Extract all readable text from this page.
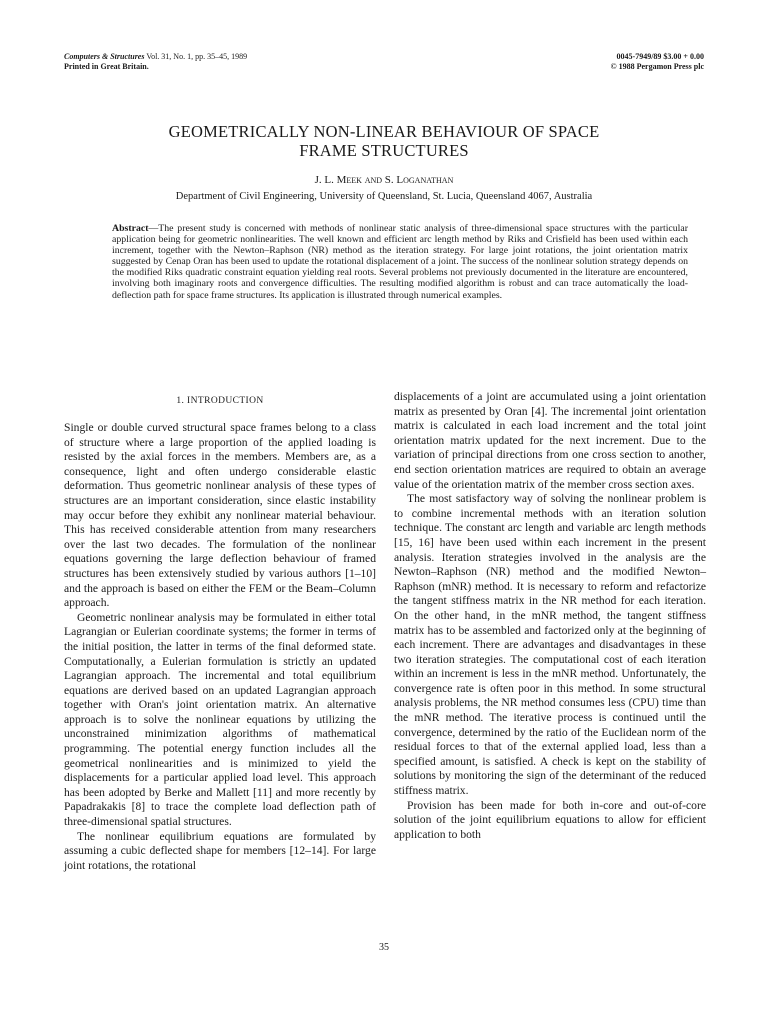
Computers & Structures Vol. 31, No. 1, pp. 35–45, 1989
Printed in Great Britain.
0045-7949/89 $3.00 + 0.00
© 1988 Pergamon Press plc
GEOMETRICALLY NON-LINEAR BEHAVIOUR OF SPACE
FRAME STRUCTURES
J. L. Meek and S. Loganathan
Department of Civil Engineering, University of Queensland, St. Lucia, Queensland 4067, Australia

Abstract—The present study is concerned with methods of nonlinear static analysis of three-dimensional space structures with the particular application being for geometric nonlinearities. The well known and efficient arc length method by Riks and Crisfield has been used within each increment, together with the Newton–Raphson (NR) method as the iteration strategy. For large joint rotations, the joint orientation matrix suggested by Cenap Oran has been used to update the rotational displacement of a joint. The success of the nonlinear solution strategy depends on the modified Riks quadratic constraint equation yielding real roots. Several problems not previously documented in the literature are encountered, involving both imaginary roots and convergence difficulties. The resulting modified algorithm is robust and can trace automatically the load-deflection path for space frame structures. Its application is illustrated through numerical examples.

1. INTRODUCTION

Single or double curved structural space frames belong to a class of structure where a large proportion of the applied loading is resisted by the axial forces in the members. Members are, as a consequence, light and often undergo considerable elastic deformation. Thus geometric nonlinear analysis of these types of structures are an important consideration, since elastic instability may occur before they exhibit any nonlinear material behaviour. This has received considerable attention from many researchers over the last two decades. The formulation of the nonlinear equations governing the large deflection behaviour of framed structures has been extensively studied by various authors [1–10] and the approach is based on either the FEM or the Beam–Column approach.

Geometric nonlinear analysis may be formulated in either total Lagrangian or Eulerian coordinate systems; the former in terms of the initial position, the latter in terms of the final deformed state. Computationally, a Eulerian formulation is strictly an updated Lagrangian approach. The incremental and total equilibrium equations are derived based on an updated Lagrangian approach together with Oran's joint orientation matrix. An alternative approach is to solve the nonlinear equations by utilizing the unconstrained minimization algorithms of mathematical programming. The potential energy function includes all the geometrical nonlinearities and is minimized to yield the displacements for a particular applied load level. This approach has been adopted by Berke and Mallett [11] and more recently by Papadrakakis [8] to trace the complete load deflection path of three-dimensional spatial structures.

The nonlinear equilibrium equations are formulated by assuming a cubic deflected shape for members [12–14]. For large joint rotations, the rotational

displacements of a joint are accumulated using a joint orientation matrix as presented by Oran [4]. The incremental joint orientation matrix is calculated in each load increment and the total joint orientation matrix updated for the next increment. Due to the variation of principal directions from one cross section to another, end section orientation matrices are required to obtain an average value of the orientation matrix of the member cross section axes.

The most satisfactory way of solving the nonlinear problem is to combine incremental methods with an iteration solution technique. The constant arc length and variable arc length methods [15, 16] have been used within each increment in the present analysis. Iteration strategies involved in the analysis are the Newton–Raphson (NR) method and the modified Newton–Raphson (mNR) method. It is necessary to reform and refactorize the tangent stiffness matrix in the NR method for each iteration. On the other hand, in the mNR method, the tangent stiffness matrix has to be assembled and factorized only at the beginning of each increment. There are advantages and disadvantages in these two iteration strategies. The computational cost of each iteration within an increment is less in the mNR method. Unfortunately, the convergence rate is often poor in this method. In some structural analysis problems, the NR method consumes less (CPU) time than the mNR method. The iterative process is continued until the convergence, determined by the ratio of the Euclidean norm of the residual forces to that of the external applied load, less than a specified amount, is satisfied. A check is kept on the stability of solutions by monitoring the sign of the determinant of the reduced stiffness matrix.

Provision has been made for both in-core and out-of-core solution of the joint equilibrium equations to allow for efficient application to both

35
